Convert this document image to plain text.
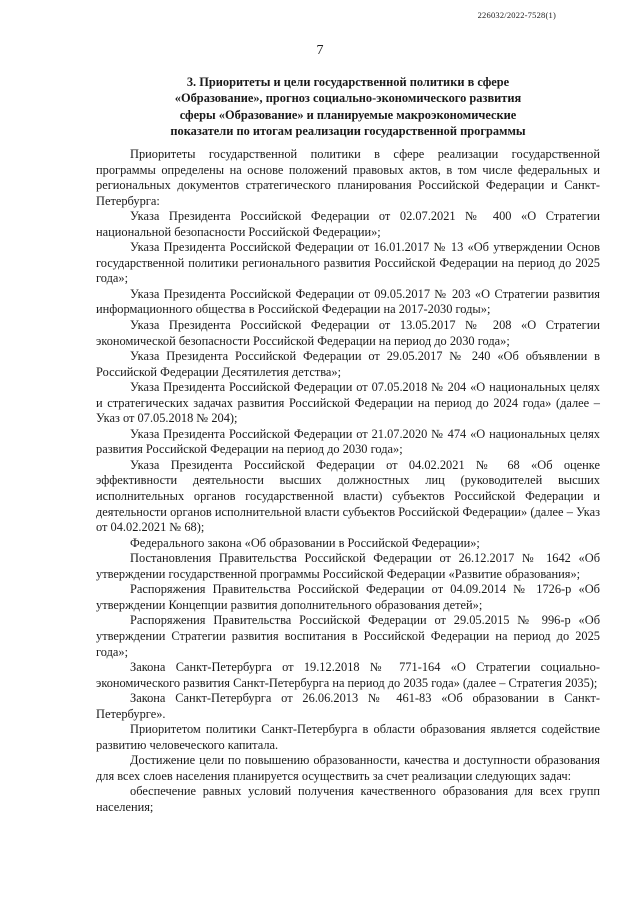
226032/2022-7528(1)
7
3. Приоритеты и цели государственной политики в сфере
«Образование», прогноз социально-экономического развития
сферы «Образование» и планируемые макроэкономические
показатели по итогам реализации государственной программы

Приоритеты государственной политики в сфере реализации государственной программы определены на основе положений правовых актов, в том числе федеральных и региональных документов стратегического планирования Российской Федерации и Санкт-Петербурга:

Указа Президента Российской Федерации от 02.07.2021 № 400 «О Стратегии национальной безопасности Российской Федерации»;

Указа Президента Российской Федерации от 16.01.2017 № 13 «Об утверждении Основ государственной политики регионального развития Российской Федерации на период до 2025 года»;

Указа Президента Российской Федерации от 09.05.2017 № 203 «О Стратегии развития информационного общества в Российской Федерации на 2017-2030 годы»;

Указа Президента Российской Федерации от 13.05.2017 № 208 «О Стратегии экономической безопасности Российской Федерации на период до 2030 года»;

Указа Президента Российской Федерации от 29.05.2017 № 240 «Об объявлении в Российской Федерации Десятилетия детства»;

Указа Президента Российской Федерации от 07.05.2018 № 204 «О национальных целях и стратегических задачах развития Российской Федерации на период до 2024 года» (далее – Указ от 07.05.2018 № 204);

Указа Президента Российской Федерации от 21.07.2020 № 474 «О национальных целях развития Российской Федерации на период до 2030 года»;

Указа Президента Российской Федерации от 04.02.2021 № 68 «Об оценке эффективности деятельности высших должностных лиц (руководителей высших исполнительных органов государственной власти) субъектов Российской Федерации и деятельности органов исполнительной власти субъектов Российской Федерации» (далее – Указ от 04.02.2021 № 68);

Федерального закона «Об образовании в Российской Федерации»;

Постановления Правительства Российской Федерации от 26.12.2017 № 1642 «Об утверждении государственной программы Российской Федерации «Развитие образования»;

Распоряжения Правительства Российской Федерации от 04.09.2014 № 1726-р «Об утверждении Концепции развития дополнительного образования детей»;

Распоряжения Правительства Российской Федерации от 29.05.2015 № 996-р «Об утверждении Стратегии развития воспитания в Российской Федерации на период до 2025 года»;

Закона Санкт-Петербурга от 19.12.2018 № 771-164 «О Стратегии социально-экономического развития Санкт-Петербурга на период до 2035 года» (далее – Стратегия 2035);

Закона Санкт-Петербурга от 26.06.2013 № 461-83 «Об образовании в Санкт-Петербурге».

Приоритетом политики Санкт-Петербурга в области образования является содействие развитию человеческого капитала.

Достижение цели по повышению образованности, качества и доступности образования для всех слоев населения планируется осуществить за счет реализации следующих задач:

обеспечение равных условий получения качественного образования для всех групп населения;
